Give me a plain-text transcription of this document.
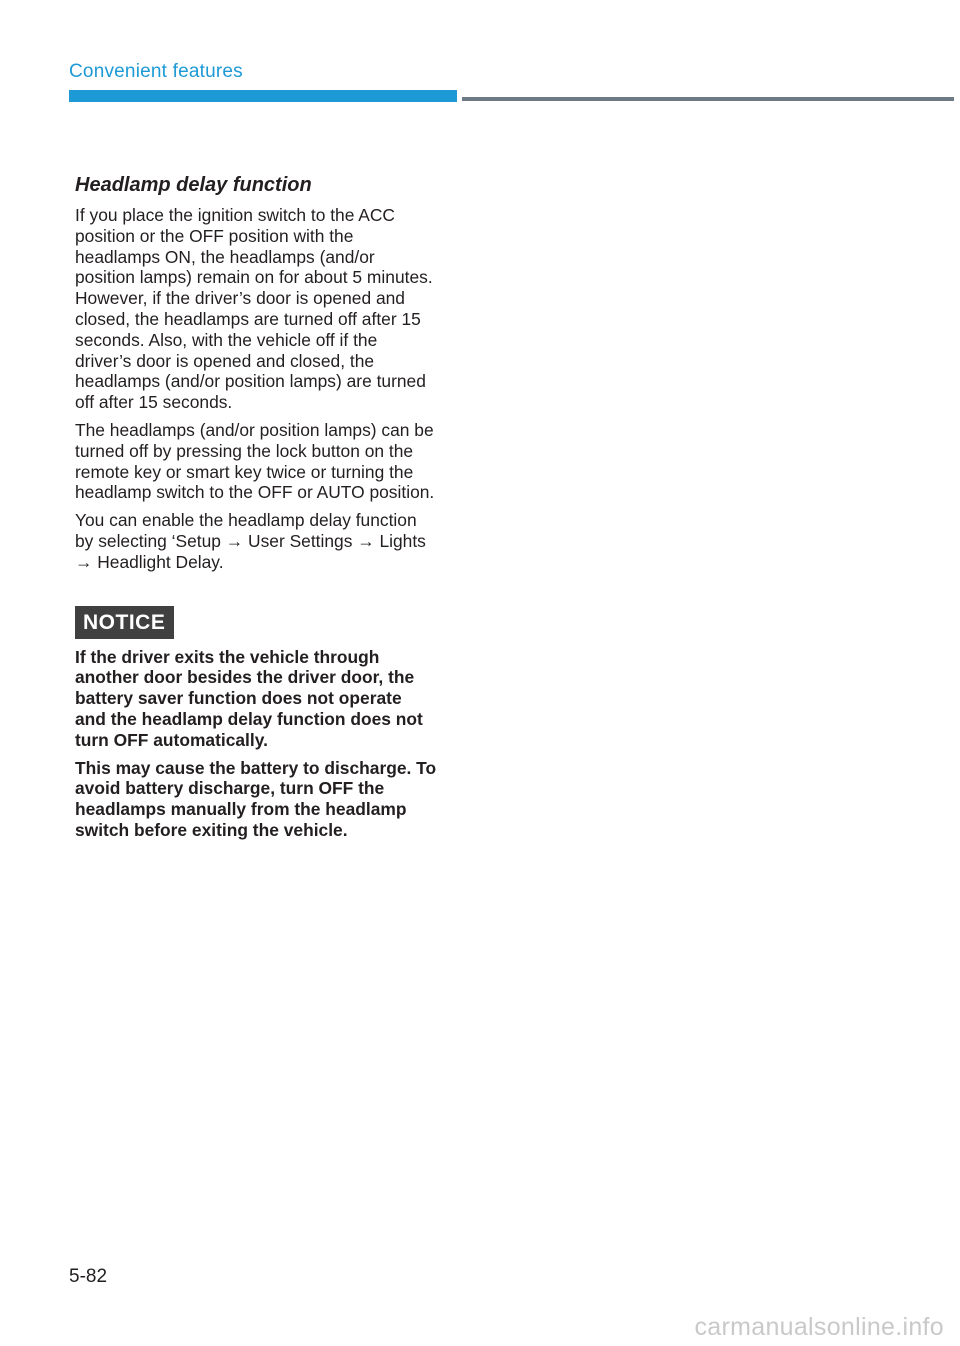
Convenient features
Headlamp delay function

If you place the ignition switch to the ACC position or the OFF position with the headlamps ON, the headlamps (and/or position lamps) remain on for about 5 minutes. However, if the driver’s door is opened and closed, the headlamps are turned off after 15 seconds. Also, with the vehicle off if the driver’s door is opened and closed, the headlamps (and/or position lamps) are turned off after 15 seconds.

The headlamps (and/or position lamps) can be turned off by pressing the lock button on the remote key or smart key twice or turning the headlamp switch to the OFF or AUTO position.

You can enable the headlamp delay function by selecting ‘Setup → User Settings → Lights → Headlight Delay.

NOTICE

If the driver exits the vehicle through another door besides the driver door, the battery saver function does not operate and the headlamp delay function does not turn OFF automatically.

This may cause the battery to discharge. To avoid battery discharge, turn OFF the headlamps manually from the headlamp switch before exiting the vehicle.

5-82
carmanualsonline.info
